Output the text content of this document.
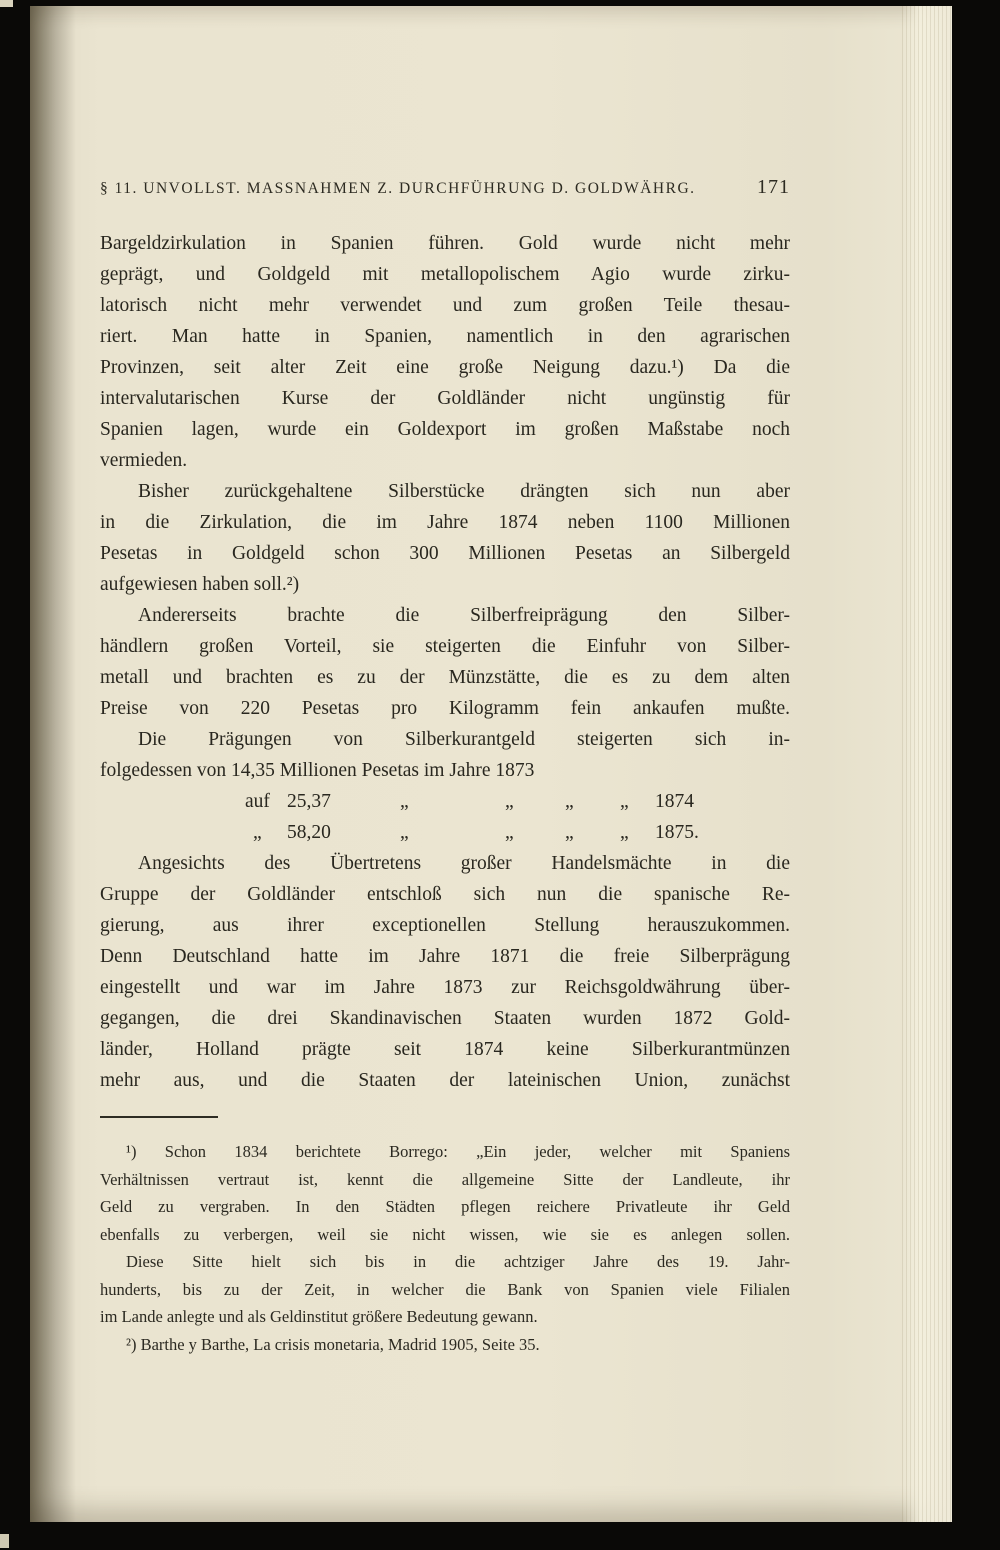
§ 11. UNVOLLST. MASSNAHMEN Z. DURCHFÜHRUNG D. GOLDWÄHRG.	171
Bargeldzirkulation in Spanien führen. Gold wurde nicht mehr
geprägt, und Goldgeld mit metallopolischem Agio wurde zirku-
latorisch nicht mehr verwendet und zum großen Teile thesau-
riert. Man hatte in Spanien, namentlich in den agrarischen
Provinzen, seit alter Zeit eine große Neigung dazu.¹) Da die
intervalutarischen Kurse der Goldländer nicht ungünstig für
Spanien lagen, wurde ein Goldexport im großen Maßstabe noch
vermieden.
Bisher zurückgehaltene Silberstücke drängten sich nun aber
in die Zirkulation, die im Jahre 1874 neben 1100 Millionen
Pesetas in Goldgeld schon 300 Millionen Pesetas an Silbergeld
aufgewiesen haben soll.²)
Andererseits brachte die Silberfreiprägung den Silber-
händlern großen Vorteil, sie steigerten die Einfuhr von Silber-
metall und brachten es zu der Münzstätte, die es zu dem alten
Preise von 220 Pesetas pro Kilogramm fein ankaufen mußte.
Die Prägungen von Silberkurantgeld steigerten sich in-
folgedessen von 14,35 Millionen Pesetas im Jahre 1873
auf 25,37	„	„	„ „ 1874
„ 58,20	„	„	„ „ 1875.
Angesichts des Übertretens großer Handelsmächte in die
Gruppe der Goldländer entschloß sich nun die spanische Re-
gierung, aus ihrer exceptionellen Stellung herauszukommen.
Denn Deutschland hatte im Jahre 1871 die freie Silberprägung
eingestellt und war im Jahre 1873 zur Reichsgoldwährung über-
gegangen, die drei Skandinavischen Staaten wurden 1872 Gold-
länder, Holland prägte seit 1874 keine Silberkurantmünzen
mehr aus, und die Staaten der lateinischen Union, zunächst
¹) Schon 1834 berichtete Borrego: „Ein jeder, welcher mit Spaniens
Verhältnissen vertraut ist, kennt die allgemeine Sitte der Landleute, ihr
Geld zu vergraben. In den Städten pflegen reichere Privatleute ihr Geld
ebenfalls zu verbergen, weil sie nicht wissen, wie sie es anlegen sollen.
Diese Sitte hielt sich bis in die achtziger Jahre des 19. Jahr-
hunderts, bis zu der Zeit, in welcher die Bank von Spanien viele Filialen
im Lande anlegte und als Geldinstitut größere Bedeutung gewann.
²) Barthe y Barthe, La crisis monetaria, Madrid 1905, Seite 35.
